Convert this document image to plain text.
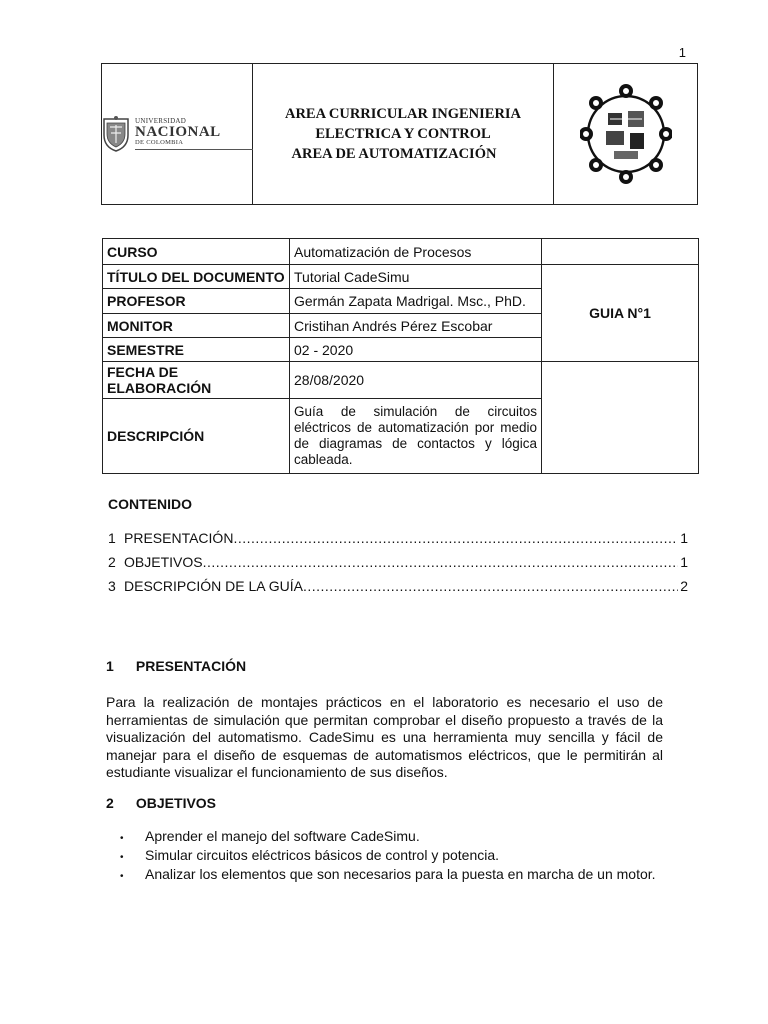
1
UNIVERSIDAD
NACIONAL
DE COLOMBIA
AREA CURRICULAR INGENIERIA
ELECTRICA Y CONTROL
AREA DE AUTOMATIZACIÓN
CURSO	Automatización de Procesos	
TÍTULO DEL DOCUMENTO	Tutorial CadeSimu	GUIA N°1
PROFESOR	Germán Zapata Madrigal. Msc., PhD.	
MONITOR	Cristihan Andrés Pérez Escobar	
SEMESTRE	02 - 2020	
FECHA DE ELABORACIÓN	28/08/2020	
DESCRIPCIÓN	Guía de simulación de circuitos eléctricos de automatización por medio de diagramas de contactos y lógica cableada.	
CONTENIDO
1 PRESENTACIÓN .....	1
2 OBJETIVOS .....	1
3 DESCRIPCIÓN DE LA GUÍA .....	2
1 PRESENTACIÓN
Para la realización de montajes prácticos en el laboratorio es necesario el uso de herramientas de simulación que permitan comprobar el diseño propuesto a través de la visualización del automatismo. CadeSimu es una herramienta muy sencilla y fácil de manejar para el diseño de esquemas de automatismos eléctricos, que le permitirán al estudiante visualizar el funcionamiento de sus diseños.
2 OBJETIVOS
•	Aprender el manejo del software CadeSimu.
•	Simular circuitos eléctricos básicos de control y potencia.
•	Analizar los elementos que son necesarios para la puesta en marcha de un motor.
